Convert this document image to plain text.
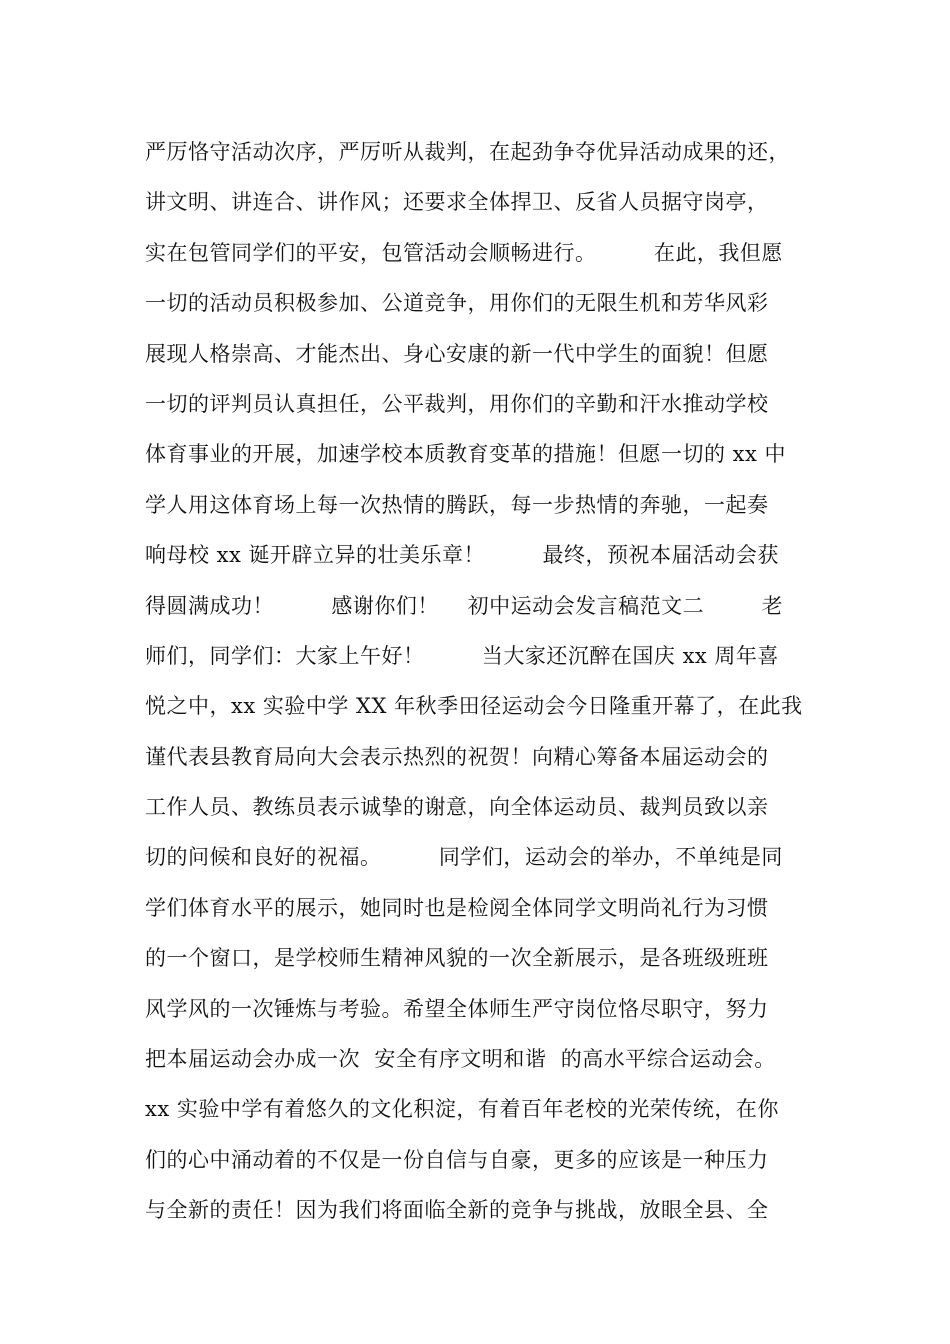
严厉恪守活动次序，严厉听从裁判，在起劲争夺优异活动成果的还，
讲文明、讲连合、讲作风；还要求全体捍卫、反省人员据守岗亭，
实在包管同学们的平安，包管活动会顺畅进行。        在此，我但愿
一切的活动员积极参加、公道竞争，用你们的无限生机和芳华风彩
展现人格崇高、才能杰出、身心安康的新一代中学生的面貌！但愿
一切的评判员认真担任，公平裁判，用你们的辛勤和汗水推动学校
体育事业的开展，加速学校本质教育变革的措施！但愿一切的 xx 中
学人用这体育场上每一次热情的腾跃，每一步热情的奔驰，一起奏
响母校 xx 诞开辟立异的壮美乐章！        最终，预祝本届活动会获
得圆满成功！        感谢你们！    初中运动会发言稿范文二        老
师们，同学们：大家上午好！        当大家还沉醉在国庆 xx 周年喜
悦之中，xx 实验中学 XX 年秋季田径运动会今日隆重开幕了，在此我
谨代表县教育局向大会表示热烈的祝贺！向精心筹备本届运动会的
工作人员、教练员表示诚挚的谢意，向全体运动员、裁判员致以亲
切的问候和良好的祝福。        同学们，运动会的举办，不单纯是同
学们体育水平的展示，她同时也是检阅全体同学文明尚礼行为习惯
的一个窗口，是学校师生精神风貌的一次全新展示，是各班级班班
风学风的一次锤炼与考验。希望全体师生严守岗位恪尽职守，努力
把本届运动会办成一次  安全有序文明和谐  的高水平综合运动会。
xx 实验中学有着悠久的文化积淀，有着百年老校的光荣传统，在你
们的心中涌动着的不仅是一份自信与自豪，更多的应该是一种压力
与全新的责任！因为我们将面临全新的竞争与挑战，放眼全县、全
